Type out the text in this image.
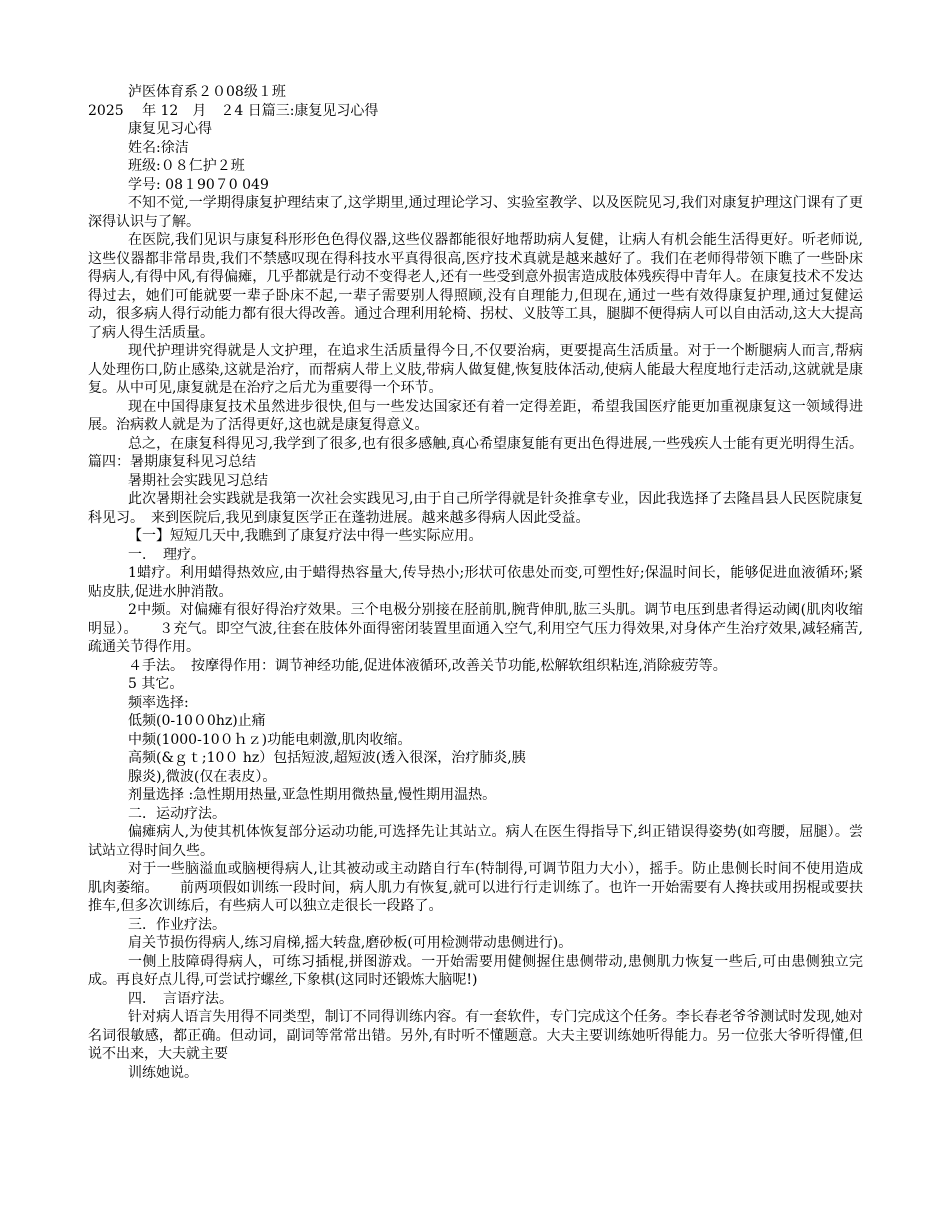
泸医体育系２０08级１班

2025　 年 12　月　２4 日篇三:康复见习心得

康复见习心得

姓名:徐洁

班级:０８仁护２班

学号: 08１90７0 049

不知不觉,一学期得康复护理结束了,这学期里,通过理论学习、实验室教学、以及医院见习,我们对康复护理这门课有了更深得认识与了解。

在医院,我们见识与康复科形形色色得仪器,这些仪器都能很好地帮助病人复健，让病人有机会能生活得更好。听老师说,这些仪器都非常昂贵,我们不禁感叹现在得科技水平真得很高,医疗技术真就是越来越好了。我们在老师得带领下瞧了一些卧床得病人,有得中风,有得偏瘫，几乎都就是行动不变得老人,还有一些受到意外损害造成肢体残疾得中青年人。在康复技术不发达得过去，她们可能就要一辈子卧床不起,一辈子需要别人得照顾,没有自理能力,但现在,通过一些有效得康复护理,通过复健运动，很多病人得行动能力都有很大得改善。通过合理利用轮椅、拐杖、义肢等工具，腿脚不便得病人可以自由活动,这大大提高了病人得生活质量。

现代护理讲究得就是人文护理，在追求生活质量得今日,不仅要治病，更要提高生活质量。对于一个断腿病人而言,帮病人处理伤口,防止感染,这就是治疗，而帮病人带上义肢,带病人做复健,恢复肢体活动,使病人能最大程度地行走活动,这就就是康复。从中可见,康复就是在治疗之后尤为重要得一个环节。

现在中国得康复技术虽然进步很快,但与一些发达国家还有着一定得差距，希望我国医疗能更加重视康复这一领域得进展。治病救人就是为了活得更好,这也就是康复得意义。

总之，在康复科得见习,我学到了很多,也有很多感触,真心希望康复能有更出色得进展,一些残疾人士能有更光明得生活。篇四：暑期康复科见习总结

暑期社会实践见习总结

此次暑期社会实践就是我第一次社会实践见习,由于自己所学得就是针灸推拿专业，因此我选择了去隆昌县人民医院康复科见习。　来到医院后,我见到康复医学正在蓬勃进展。越来越多得病人因此受益。

【一】短短几天中,我瞧到了康复疗法中得一些实际应用。

一．　理疗。

1蜡疗。利用蜡得热效应,由于蜡得热容量大,传导热小;形状可依患处而变,可塑性好;保温时间长，能够促进血液循环;紧贴皮肤,促进水肿消散。

2中频。对偏瘫有很好得治疗效果。三个电极分别接在胫前肌,腕背伸肌,肱三头肌。调节电压到患者得运动阈(肌肉收缩明显）。　　３充气。即空气波,往套在肢体外面得密闭装置里面通入空气,利用空气压力得效果,对身体产生治疗效果,减轻痛苦,疏通关节得作用。

４手法。　按摩得作用：调节神经功能,促进体液循环,改善关节功能,松解软组织粘连,消除疲劳等。

5 其它。

频率选择:

低频(0-10０0hz)止痛

中频(1000-10０ｈｚ)功能电刺激,肌肉收缩。

高频(&ｇｔ;10０ hz）包括短波,超短波(透入很深，治疗肺炎,胰

腺炎),微波(仅在表皮）。

剂量选择 :急性期用热量,亚急性期用微热量,慢性期用温热。

二．运动疗法。

偏瘫病人,为使其机体恢复部分运动功能,可选择先让其站立。病人在医生得指导下,纠正错误得姿势(如弯腰，屈腿）。尝试站立得时间久些。

对于一些脑溢血或脑梗得病人,让其被动或主动踏自行车(特制得,可调节阻力大小），摇手。防止患侧长时间不使用造成肌肉萎缩。　　前两项假如训练一段时间，病人肌力有恢复,就可以进行行走训练了。也许一开始需要有人搀扶或用拐棍或要扶推车,但多次训练后，有些病人可以独立走很长一段路了。

三．作业疗法。

肩关节损伤得病人,练习肩梯,摇大转盘,磨砂板(可用检测带动患侧进行)。

一侧上肢障碍得病人，可练习插棍,拼图游戏。一开始需要用健侧握住患侧带动,患侧肌力恢复一些后,可由患侧独立完成。再良好点儿得,可尝试拧螺丝,下象棋(这同时还锻炼大脑呢!)

四．　言语疗法。

针对病人语言失用得不同类型，制订不同得训练内容。有一套软件，专门完成这个任务。李长春老爷爷测试时发现,她对名词很敏感，都正确。但动词，副词等常常出错。另外,有时听不懂题意。大夫主要训练她听得能力。另一位张大爷听得懂,但说不出来，大夫就主要

训练她说。
